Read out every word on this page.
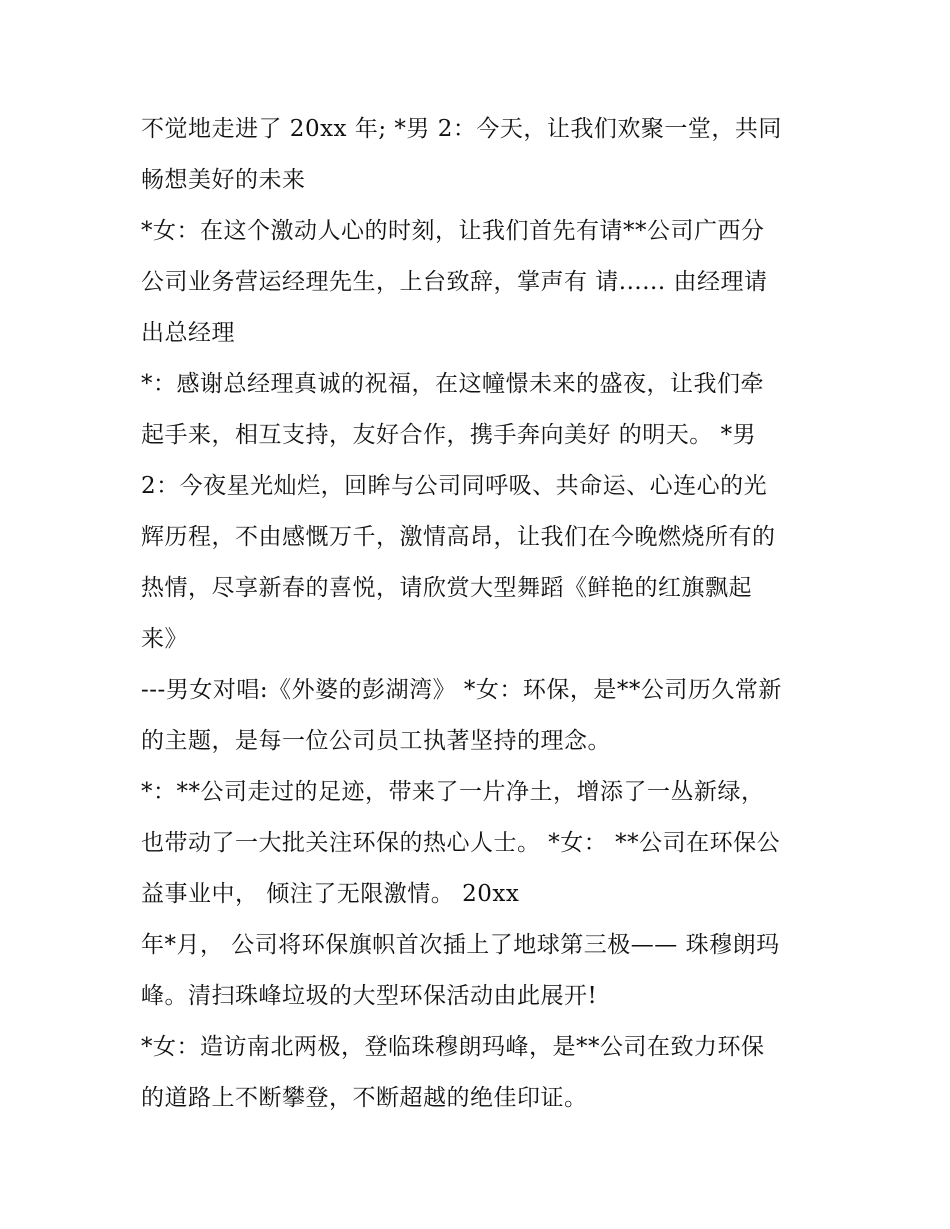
不觉地走进了 20xx 年; *男 2：今天，让我们欢聚一堂，共同
畅想美好的未来
*女：在这个激动人心的时刻，让我们首先有请**公司广西分
公司业务营运经理先生，上台致辞，掌声有 请...... 由经理请
出总经理
*：感谢总经理真诚的祝福，在这幢憬未来的盛夜，让我们牵
起手来，相互支持，友好合作，携手奔向美好 的明天。 *男
2：今夜星光灿烂，回眸与公司同呼吸、共命运、心连心的光
辉历程，不由感慨万千，激情高昂，让我们在今晚燃烧所有的
热情，尽享新春的喜悦，请欣赏大型舞蹈《鲜艳的红旗飘起
来》
---男女对唱:《外婆的彭湖湾》 *女：环保，是**公司历久常新
的主题，是每一位公司员工执著坚持的理念。
*：**公司走过的足迹，带来了一片净土，增添了一丛新绿，
也带动了一大批关注环保的热心人士。 *女： **公司在环保公
益事业中， 倾注了无限激情。 20xx
年*月， 公司将环保旗帜首次插上了地球第三极—— 珠穆朗玛
峰。清扫珠峰垃圾的大型环保活动由此展开!
*女：造访南北两极，登临珠穆朗玛峰，是**公司在致力环保
的道路上不断攀登，不断超越的绝佳印证。
